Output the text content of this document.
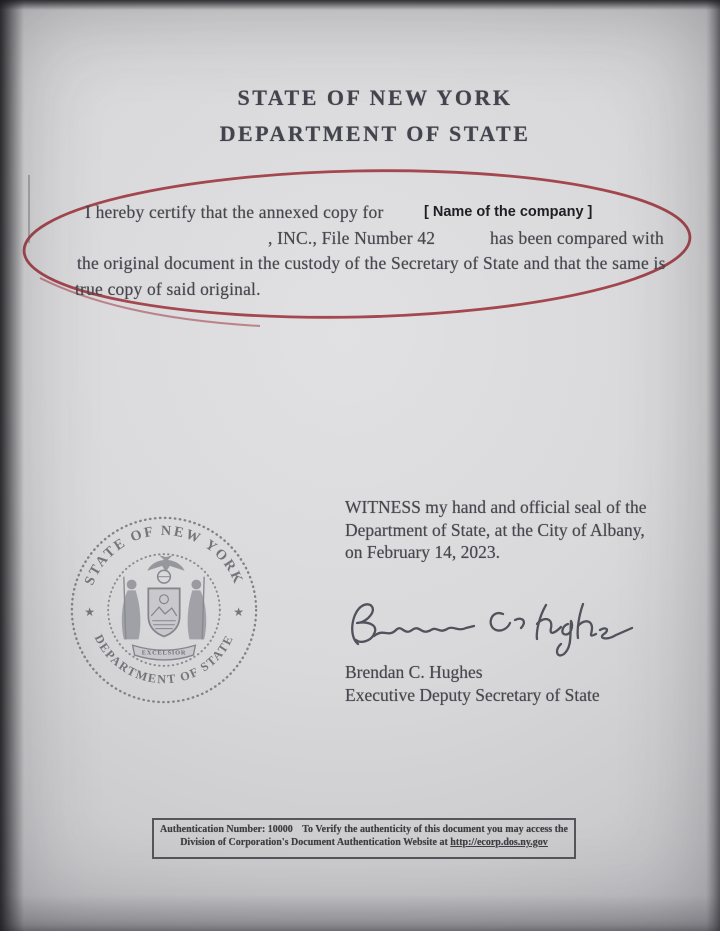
STATE OF NEW YORK
DEPARTMENT OF STATE
I hereby certify that the annexed copy for	[ Name of the company ]
, INC., File Number 42	has been compared with
the original document in the custody of the Secretary of State and that the same is
true copy of said original.
WITNESS my hand and official seal of the
Department of State, at the City of Albany,
on February 14, 2023.
STATE OF NEW YORK
DEPARTMENT OF STATE
★	★
EXCELSIOR
Brendan C. Hughes
Executive Deputy Secretary of State
Authentication Number: 10000 To Verify the authenticity of this document you may access the
Division of Corporation's Document Authentication Website at http://ecorp.dos.ny.gov
